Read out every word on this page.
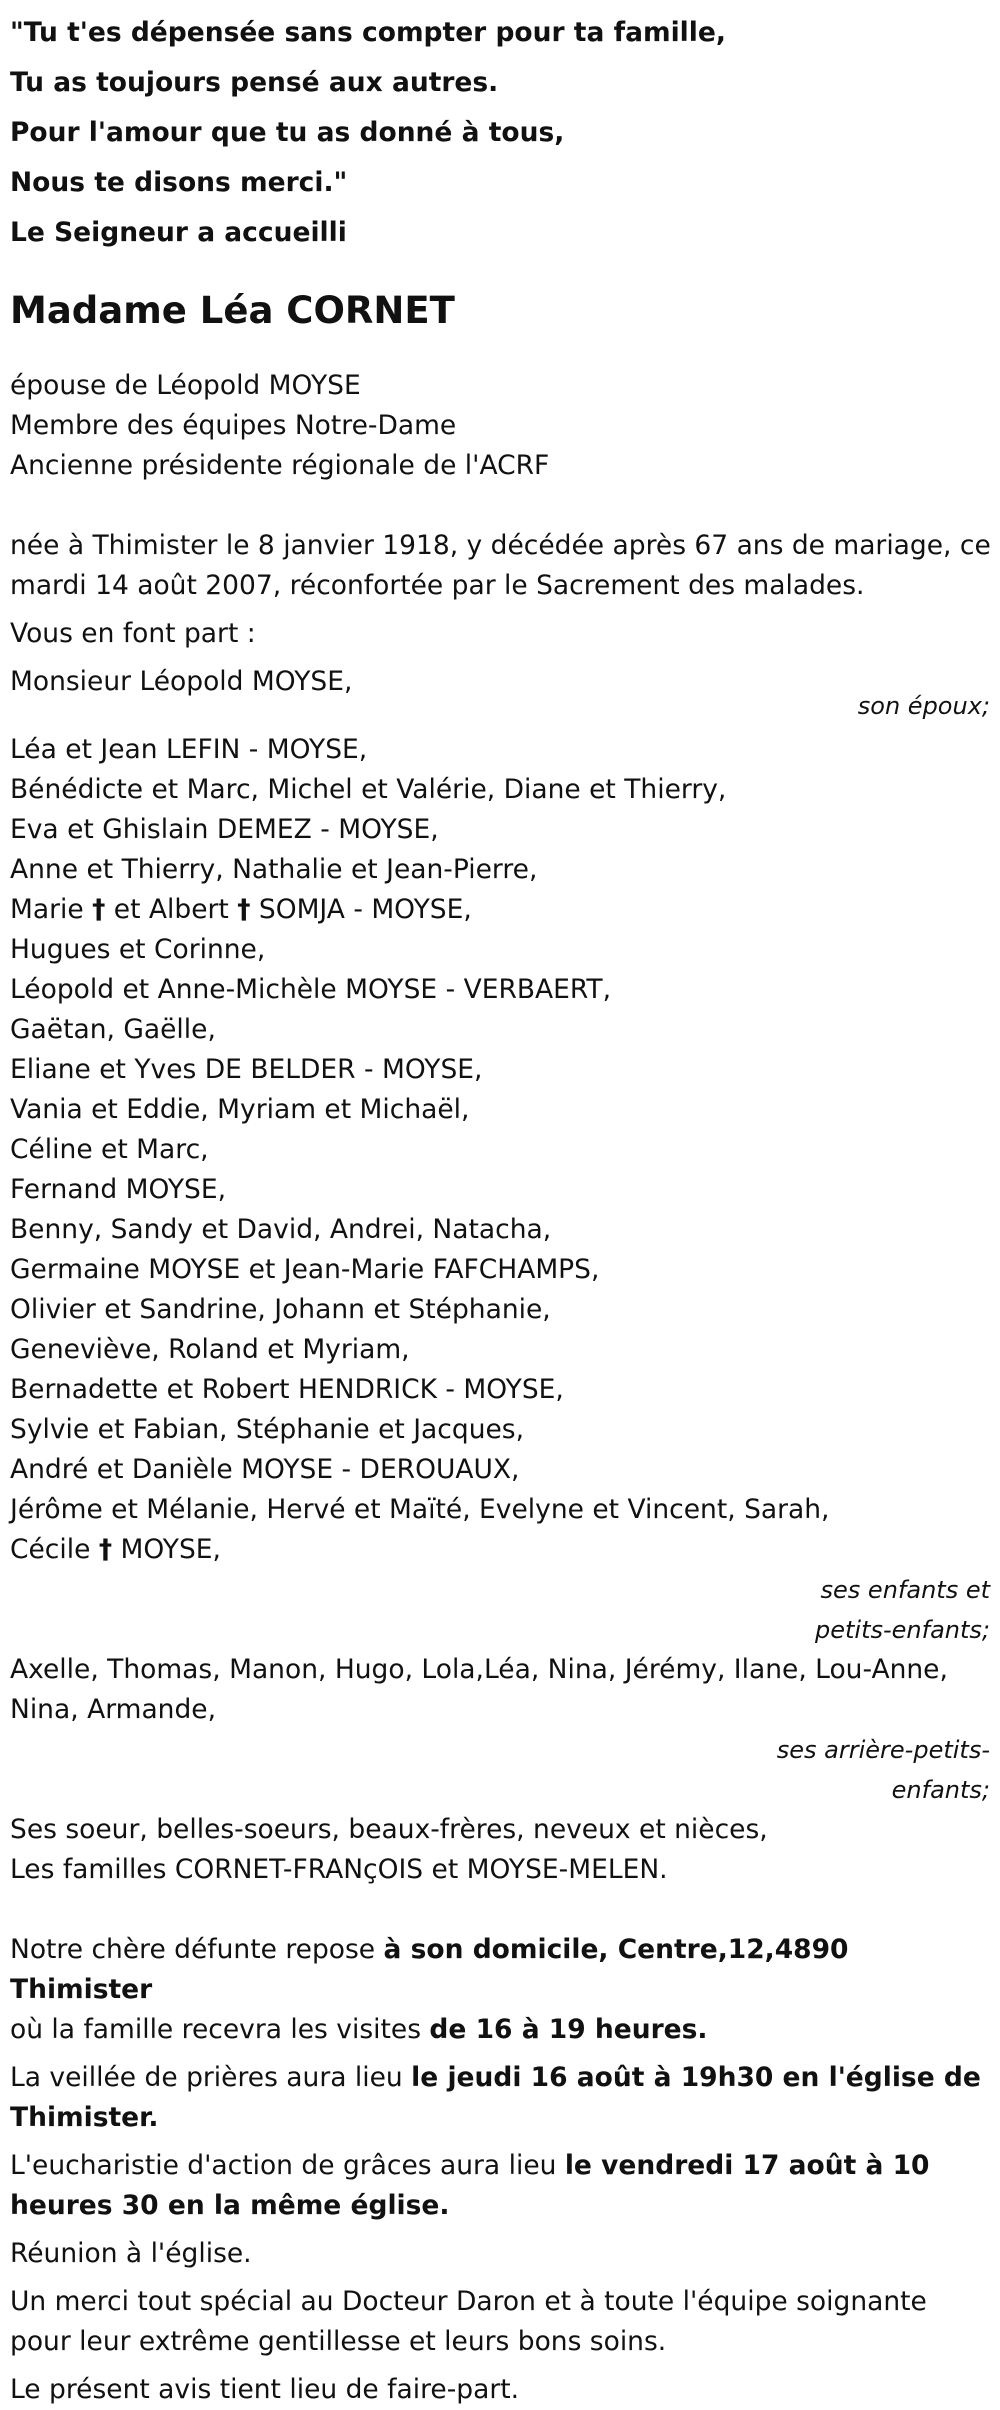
"Tu t'es dépensée sans compter pour ta famille,
Tu as toujours pensé aux autres.
Pour l'amour que tu as donné à tous,
Nous te disons merci."
Le Seigneur a accueilli
Madame Léa CORNET
épouse de Léopold MOYSE
Membre des équipes Notre-Dame
Ancienne présidente régionale de l'ACRF
née à Thimister le 8 janvier 1918, y décédée après 67 ans de mariage, ce
mardi 14 août 2007, réconfortée par le Sacrement des malades.
Vous en font part :
Monsieur Léopold MOYSE,
son époux;
Léa et Jean LEFIN - MOYSE,
Bénédicte et Marc, Michel et Valérie, Diane et Thierry,
Eva et Ghislain DEMEZ - MOYSE,
Anne et Thierry, Nathalie et Jean-Pierre,
Marie † et Albert † SOMJA - MOYSE,
Hugues et Corinne,
Léopold et Anne-Michèle MOYSE - VERBAERT,
Gaëtan, Gaëlle,
Eliane et Yves DE BELDER - MOYSE,
Vania et Eddie, Myriam et Michaël,
Céline et Marc,
Fernand MOYSE,
Benny, Sandy et David, Andrei, Natacha,
Germaine MOYSE et Jean-Marie FAFCHAMPS,
Olivier et Sandrine, Johann et Stéphanie,
Geneviève, Roland et Myriam,
Bernadette et Robert HENDRICK - MOYSE,
Sylvie et Fabian, Stéphanie et Jacques,
André et Danièle MOYSE - DEROUAUX,
Jérôme et Mélanie, Hervé et Maïté, Evelyne et Vincent, Sarah,
Cécile † MOYSE,
ses enfants et
petits-enfants;
Axelle, Thomas, Manon, Hugo, Lola,Léa, Nina, Jérémy, Ilane, Lou-Anne,
Nina, Armande,
ses arrière-petits-
enfants;
Ses soeur, belles-soeurs, beaux-frères, neveux et nièces,
Les familles CORNET-FRANçOIS et MOYSE-MELEN.
Notre chère défunte repose à son domicile, Centre,12,4890 Thimister
où la famille recevra les visites de 16 à 19 heures.
La veillée de prières aura lieu le jeudi 16 août à 19h30 en l'église de
Thimister.
L'eucharistie d'action de grâces aura lieu le vendredi 17 août à 10
heures 30 en la même église.
Réunion à l'église.
Un merci tout spécial au Docteur Daron et à toute l'équipe soignante
pour leur extrême gentillesse et leurs bons soins.
Le présent avis tient lieu de faire-part.
